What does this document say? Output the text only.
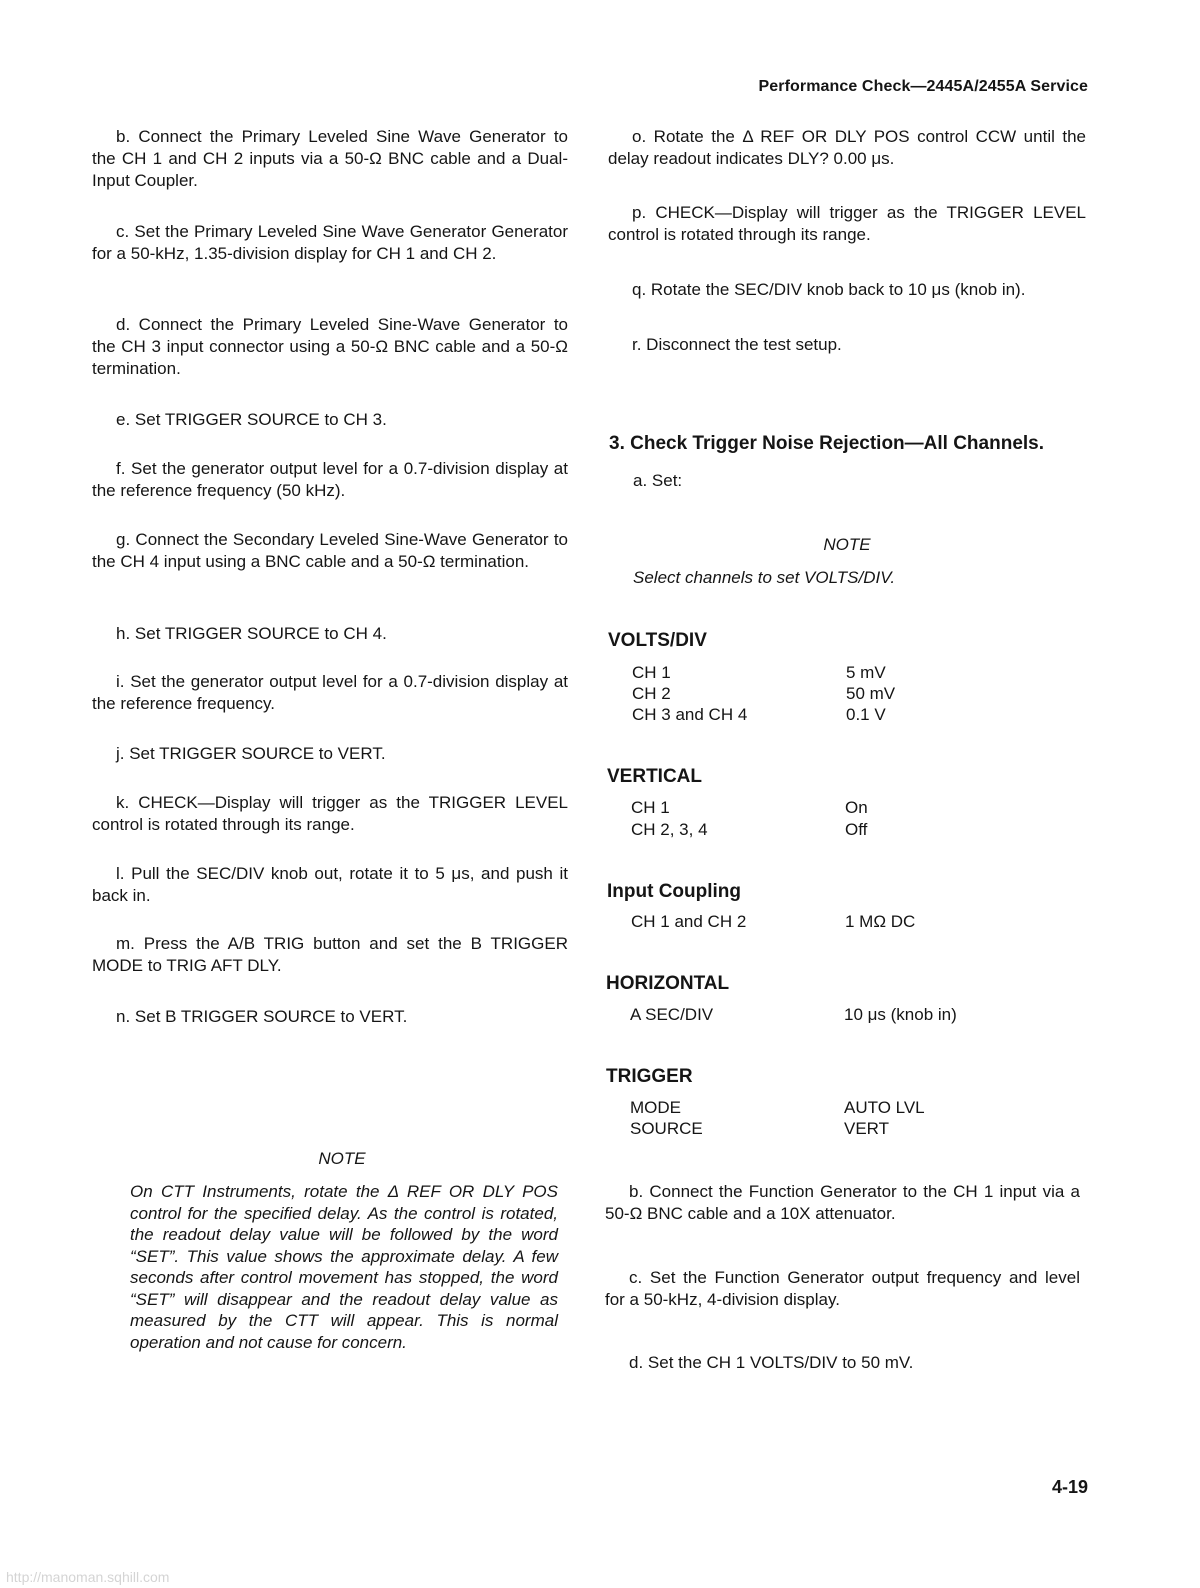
Performance Check—2445A/2455A Service
b. Connect the Primary Leveled Sine Wave Generator to the CH 1 and CH 2 inputs via a 50-Ω BNC cable and a Dual-Input Coupler.
c. Set the Primary Leveled Sine Wave Generator Generator for a 50-kHz, 1.35-division display for CH 1 and CH 2.
d. Connect the Primary Leveled Sine-Wave Generator to the CH 3 input connector using a 50-Ω BNC cable and a 50-Ω termination.
e. Set TRIGGER SOURCE to CH 3.
f. Set the generator output level for a 0.7-division display at the reference frequency (50 kHz).
g. Connect the Secondary Leveled Sine-Wave Generator to the CH 4 input using a BNC cable and a 50-Ω termination.
h. Set TRIGGER SOURCE to CH 4.
i. Set the generator output level for a 0.7-division display at the reference frequency.
j. Set TRIGGER SOURCE to VERT.
k. CHECK—Display will trigger as the TRIGGER LEVEL control is rotated through its range.
l. Pull the SEC/DIV knob out, rotate it to 5 μs, and push it back in.
m. Press the A/B TRIG button and set the B TRIGGER MODE to TRIG AFT DLY.
n. Set B TRIGGER SOURCE to VERT.
NOTE
On CTT Instruments, rotate the Δ REF OR DLY POS control for the specified delay. As the control is rotated, the readout delay value will be followed by the word “SET”. This value shows the approximate delay. A few seconds after control movement has stopped, the word “SET” will disappear and the readout delay value as measured by the CTT will appear. This is normal operation and not cause for concern.
o. Rotate the Δ REF OR DLY POS control CCW until the delay readout indicates DLY? 0.00 μs.
p. CHECK—Display will trigger as the TRIGGER LEVEL control is rotated through its range.
q. Rotate the SEC/DIV knob back to 10 μs (knob in).
r. Disconnect the test setup.
3. Check Trigger Noise Rejection—All Channels.
a. Set:
NOTE
Select channels to set VOLTS/DIV.
VOLTS/DIV
CH 1	5 mV
CH 2	50 mV
CH 3 and CH 4	0.1 V
VERTICAL
CH 1	On
CH 2, 3, 4	Off
Input Coupling
CH 1 and CH 2	1 MΩ DC
HORIZONTAL
A SEC/DIV	10 μs (knob in)
TRIGGER
MODE	AUTO LVL
SOURCE	VERT
b. Connect the Function Generator to the CH 1 input via a 50-Ω BNC cable and a 10X attenuator.
c. Set the Function Generator output frequency and level for a 50-kHz, 4-division display.
d. Set the CH 1 VOLTS/DIV to 50 mV.
4-19
http://manoman.sqhill.com
